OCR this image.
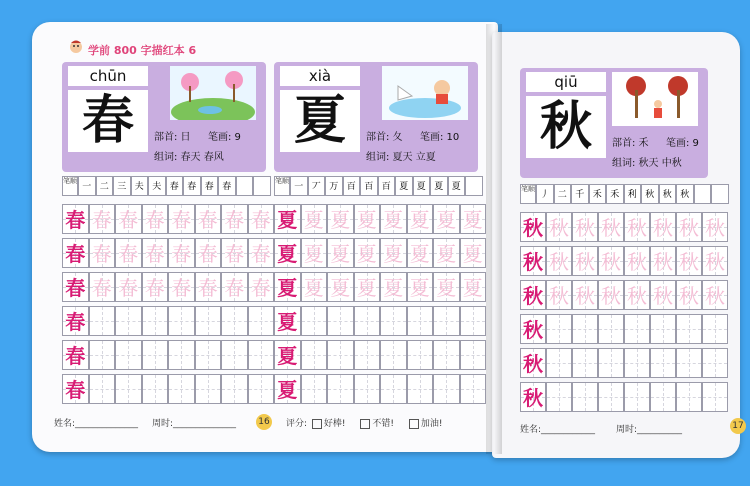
学前 800 字描红本 6
chūn
春	部首: 日 笔画: 9
组词: 春天 春风
笔顺
一 二 三 夫 夫 春 春 春 春
春 春 春 春 春 春 春 春
春 春 春 春 春 春 春 春
春 春 春 春 春 春 春 春
春
春
春
xià
夏	部首: 夂 笔画: 10
组词: 夏天 立夏
笔顺
一 丆 万 百 百 百 夏 夏 夏 夏
夏 夏 夏 夏 夏 夏 夏 夏
夏 夏 夏 夏 夏 夏 夏 夏
夏 夏 夏 夏 夏 夏 夏 夏
夏
夏
夏
qiū
秋	部首: 禾 笔画: 9
组词: 秋天 中秋
笔顺
丿 二 千 禾 禾 利 秋 秋 秋
秋 秋 秋 秋 秋 秋 秋 秋
秋 秋 秋 秋 秋 秋 秋 秋
秋 秋 秋 秋 秋 秋 秋 秋
秋
秋
秋
姓名:______________ 周时:______________ 16 评分: 好棒!	不错!	加油!
姓名:____________ 周时:__________	17
